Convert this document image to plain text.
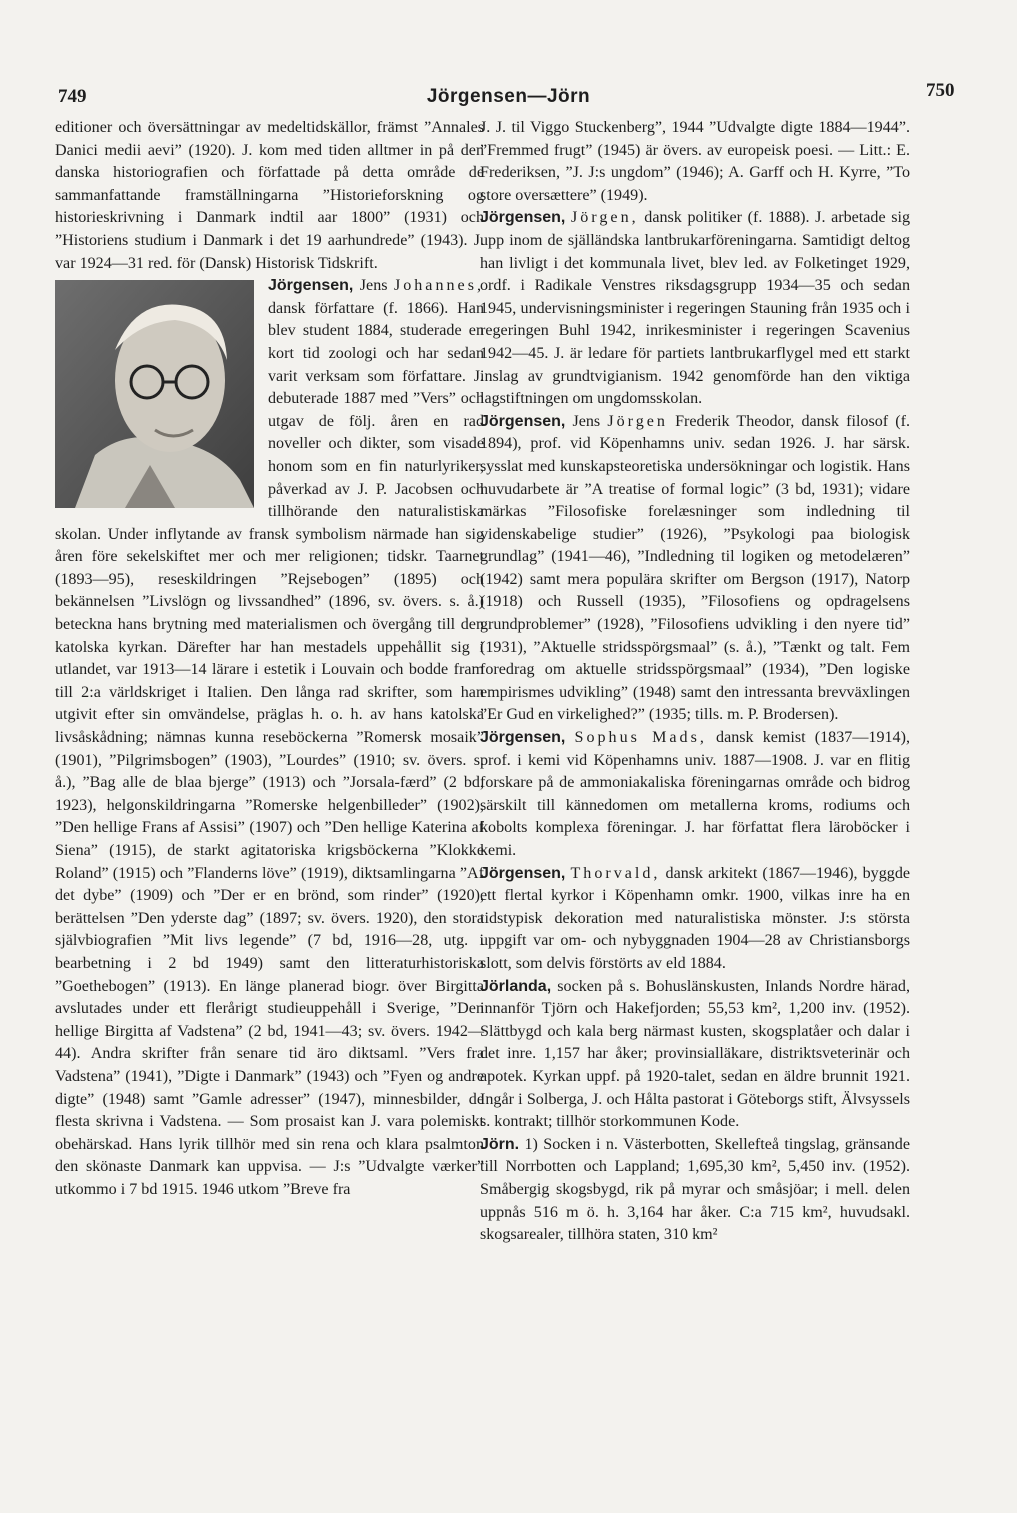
749	Jörgensen—Jörn	750

editioner och översättningar av medeltidskällor, främst ”Annales Danici medii aevi” (1920). J. kom med tiden alltmer in på den danska historiografien och författade på detta område de sammanfattande framställningarna ”Historieforskning og historieskrivning i Danmark indtil aar 1800” (1931) och ”Historiens studium i Danmark i det 19 aarhundrede” (1943). J. var 1924—31 red. för (Dansk) Historisk Tidskrift.

Jörgensen, Jens Johannes,
dansk författare (f. 1866). Han blev student 1884, studerade en kort tid zoologi och har sedan varit verksam som författare. J. debuterade 1887 med ”Vers” och utgav de följ. åren en rad noveller och dikter, som visade honom som en fin naturlyriker, påverkad av J. P. Jacobsen och tillhörande den naturalistiska skolan. Under inflytande av fransk symbolism närmade han sig åren före sekelskiftet mer och mer religionen; tidskr. Taarnet (1893—95), reseskildringen ”Rejsebogen” (1895) och bekännelsen ”Livslögn og livssandhed” (1896, sv. övers. s. å.) beteckna hans brytning med materialismen och övergång till den katolska kyrkan. Därefter har han mestadels uppehållit sig i utlandet, var 1913—14 lärare i estetik i Louvain och bodde fram till 2:a världskriget i Italien. Den långa rad skrifter, som han utgivit efter sin omvändelse, präglas h. o. h. av hans katolska livsåskådning; nämnas kunna reseböckerna ”Romersk mosaik” (1901), ”Pilgrimsbogen” (1903), ”Lourdes” (1910; sv. övers. s. å.), ”Bag alle de blaa bjerge” (1913) och ”Jorsala-færd” (2 bd, 1923), helgonskildringarna ”Romerske helgenbilleder” (1902), ”Den hellige Frans af Assisi” (1907) och ”Den hellige Katerina af Siena” (1915), de starkt agitatoriska krigsböckerna ”Klokke Roland” (1915) och ”Flanderns löve” (1919), diktsamlingarna ”Af det dybe” (1909) och ”Der er en brönd, som rinder” (1920), berättelsen ”Den yderste dag” (1897; sv. övers. 1920), den stora självbiografien ”Mit livs legende” (7 bd, 1916—28, utg. i bearbetning i 2 bd 1949) samt den litteraturhistoriska ”Goethebogen” (1913). En länge planerad biogr. över Birgitta avslutades under ett flerårigt studieuppehåll i Sverige, ”Den hellige Birgitta af Vadstena” (2 bd, 1941—43; sv. övers. 1942—44). Andra skrifter från senare tid äro diktsaml. ”Vers fra Vadstena” (1941), ”Digte i Danmark” (1943) och ”Fyen og andre digte” (1948) samt ”Gamle adresser” (1947), minnesbilder, de flesta skrivna i Vadstena. — Som prosaist kan J. vara polemiskt obehärskad. Hans lyrik tillhör med sin rena och klara psalmton den skönaste Danmark kan uppvisa. — J:s ”Udvalgte værker” utkommo i 7 bd 1915. 1946 utkom ”Breve fra

J. J. til Viggo Stuckenberg”, 1944 ”Udvalgte digte 1884—1944”. ”Fremmed frugt” (1945) är övers. av europeisk poesi. — Litt.: E. Frederiksen, ”J. J:s ungdom” (1946); A. Garff och H. Kyrre, ”To store oversættere” (1949).

Jörgensen, Jörgen, dansk politiker (f. 1888). J. arbetade sig upp inom de själländska lantbrukarföreningarna. Samtidigt deltog han livligt i det kommunala livet, blev led. av Folketinget 1929, ordf. i Radikale Venstres riksdagsgrupp 1934—35 och sedan 1945, undervisningsminister i regeringen Stauning från 1935 och i regeringen Buhl 1942, inrikesminister i regeringen Scavenius 1942—45. J. är ledare för partiets lantbrukarflygel med ett starkt inslag av grundtvigianism. 1942 genomförde han den viktiga lagstiftningen om ungdomsskolan.

Jörgensen, Jens Jörgen Frederik Theodor, dansk filosof (f. 1894), prof. vid Köpenhamns univ. sedan 1926. J. har särsk. sysslat med kunskapsteoretiska undersökningar och logistik. Hans huvudarbete är ”A treatise of formal logic” (3 bd, 1931); vidare märkas ”Filosofiske forelæsninger som indledning til videnskabelige studier” (1926), ”Psykologi paa biologisk grundlag” (1941—46), ”Indledning til logiken og metodelæren” (1942) samt mera populära skrifter om Bergson (1917), Natorp (1918) och Russell (1935), ”Filosofiens og opdragelsens grundproblemer” (1928), ”Filosofiens udvikling i den nyere tid” (1931), ”Aktuelle stridsspörgsmaal” (s. å.), ”Tænkt og talt. Fem foredrag om aktuelle stridsspörgsmaal” (1934), ”Den logiske empirismes udvikling” (1948) samt den intressanta brevväxlingen ”Er Gud en virkelighed?” (1935; tills. m. P. Brodersen).

Jörgensen, Sophus Mads, dansk kemist (1837—1914), prof. i kemi vid Köpenhamns univ. 1887—1908. J. var en flitig forskare på de ammoniakaliska föreningarnas område och bidrog särskilt till kännedomen om metallerna kroms, rodiums och kobolts komplexa föreningar. J. har författat flera läroböcker i kemi.

Jörgensen, Thorvald, dansk arkitekt (1867—1946), byggde ett flertal kyrkor i Köpenhamn omkr. 1900, vilkas inre ha en tidstypisk dekoration med naturalistiska mönster. J:s största uppgift var om- och nybyggnaden 1904—28 av Christiansborgs slott, som delvis förstörts av eld 1884.

Jörlanda, socken på s. Bohuslänskusten, Inlands Nordre härad, innanför Tjörn och Hakefjorden; 55,53 km², 1,200 inv. (1952). Slättbygd och kala berg närmast kusten, skogsplatåer och dalar i det inre. 1,157 har åker; provinsialläkare, distriktsveterinär och apotek. Kyrkan uppf. på 1920-talet, sedan en äldre brunnit 1921. Ingår i Solberga, J. och Hålta pastorat i Göteborgs stift, Älvsyssels s. kontrakt; tillhör storkommunen Kode.

Jörn. 1) Socken i n. Västerbotten, Skellefteå tingslag, gränsande till Norrbotten och Lappland; 1,695,30 km², 5,450 inv. (1952). Småbergig skogsbygd, rik på myrar och småsjöar; i mell. delen uppnås 516 m ö. h. 3,164 har åker. C:a 715 km², huvudsakl. skogsarealer, tillhöra staten, 310 km²
